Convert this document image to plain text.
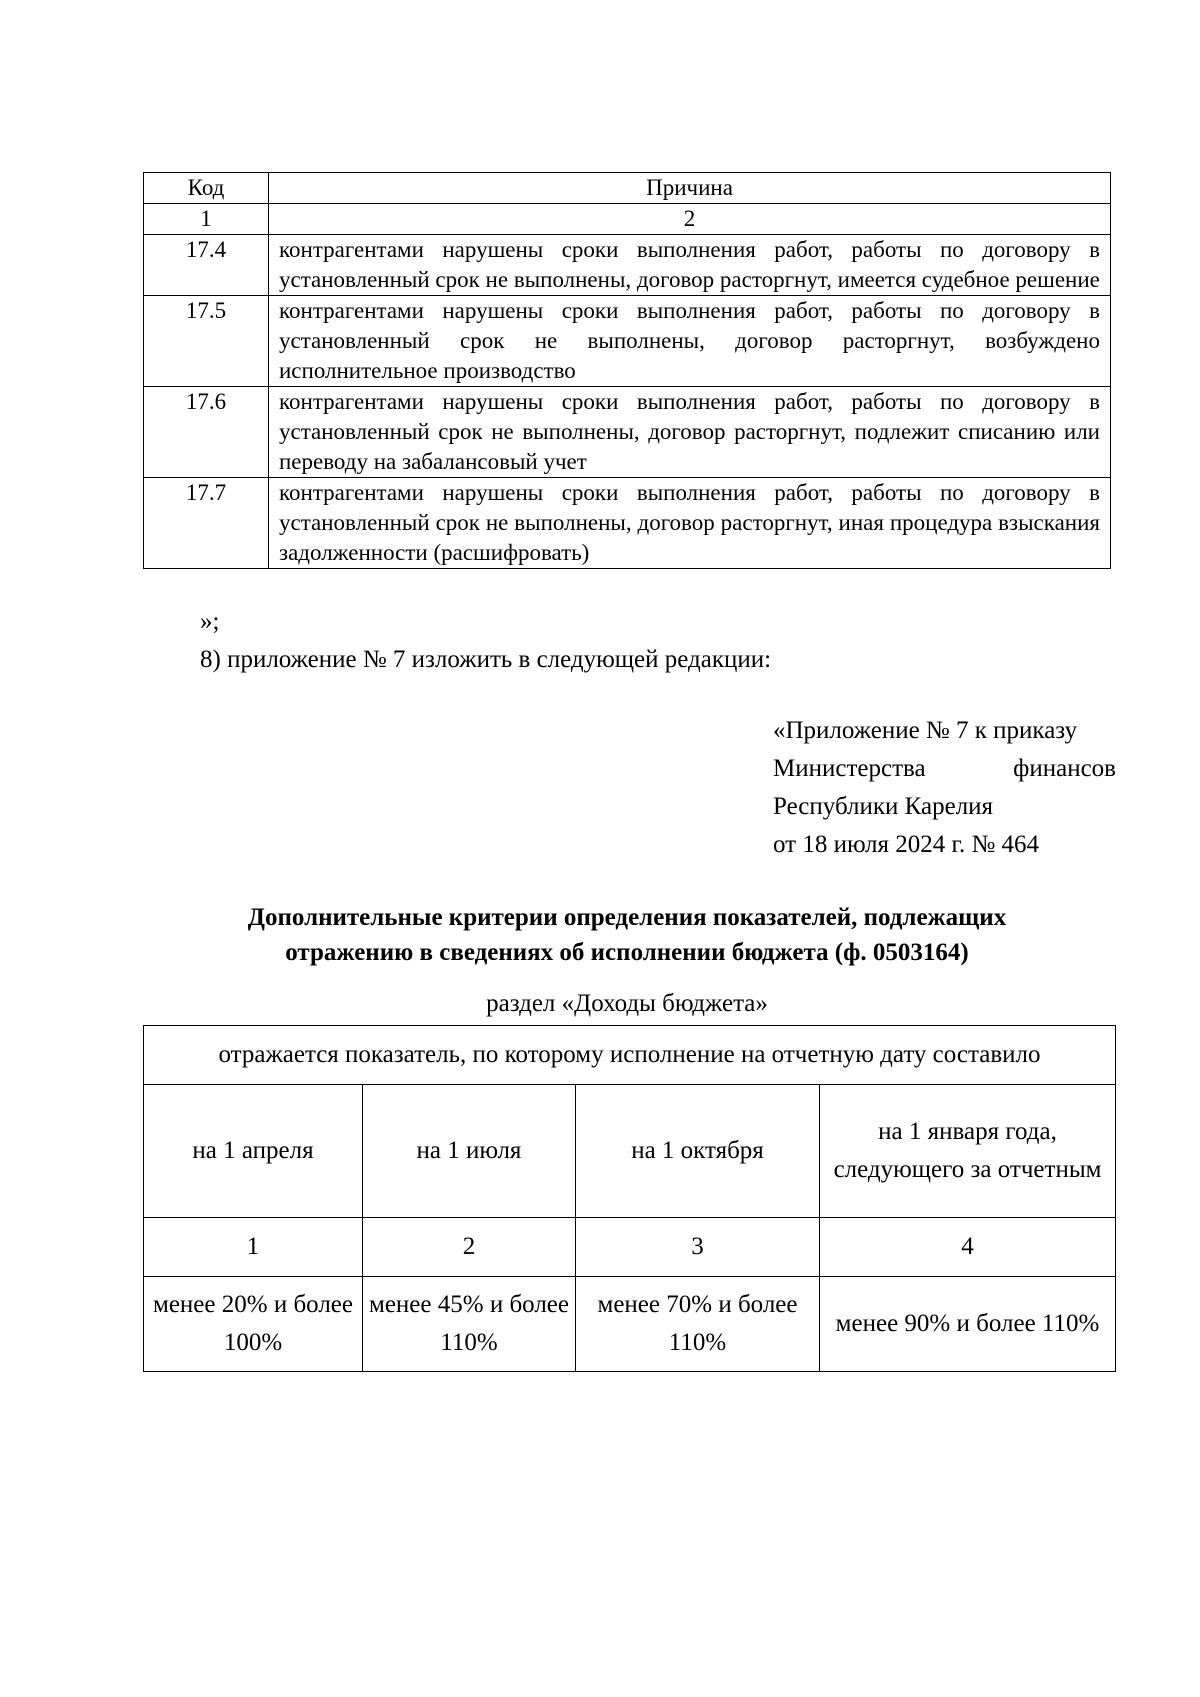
Код	Причина
1	2
17.4	контрагентами нарушены сроки выполнения работ, работы по договору в установленный срок не выполнены, договор расторгнут, имеется судебное решение
17.5	контрагентами нарушены сроки выполнения работ, работы по договору в установленный срок не выполнены, договор расторгнут, возбуждено исполнительное производство
17.6	контрагентами нарушены сроки выполнения работ, работы по договору в установленный срок не выполнены, договор расторгнут, подлежит списанию или переводу на забалансовый учет
17.7	контрагентами нарушены сроки выполнения работ, работы по договору в установленный срок не выполнены, договор расторгнут, иная процедура взыскания задолженности (расшифровать)
»;
8) приложение № 7 изложить в следующей редакции:
«Приложение № 7 к приказу
Министерства	финансов
Республики Карелия
от 18 июля 2024 г. № 464
Дополнительные критерии определения показателей, подлежащих
отражению в сведениях об исполнении бюджета (ф. 0503164)
раздел «Доходы бюджета»
отражается показатель, по которому исполнение на отчетную дату составило			
на 1 апреля	на 1 июля	на 1 октября	на 1 января года, следующего за отчетным
1	2	3	4
менее 20% и более 100%	менее 45% и более 110%	менее 70% и более 110%	менее 90% и более 110%
